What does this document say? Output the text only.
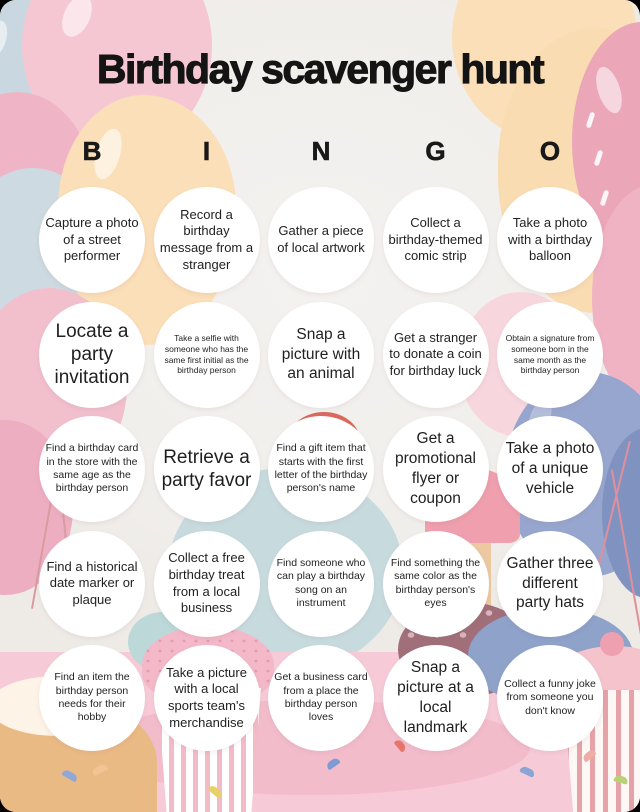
Birthday scavenger hunt
B	I	N	G	O
Capture a photo of a street performer
Record a birthday message from a stranger
Gather a piece of local artwork
Collect a birthday-themed comic strip
Take a photo with a birthday balloon
Locate a party invitation
Take a selfie with someone who has the same first initial as the birthday person
Snap a picture with an animal
Get a stranger to donate a coin for birthday luck
Obtain a signature from someone born in the same month as the birthday person
Find a birthday card in the store with the same age as the birthday person
Retrieve a party favor
Find a gift item that starts with the first letter of the birthday person's name
Get a promotional flyer or coupon
Take a photo of a unique vehicle
Find a historical date marker or plaque
Collect a free birthday treat from a local business
Find someone who can play a birthday song on an instrument
Find something the same color as the birthday person's eyes
Gather three different party hats
Find an item the birthday person needs for their hobby
Take a picture with a local sports team's merchandise
Get a business card from a place the birthday person loves
Snap a picture at a local landmark
Collect a funny joke from someone you don't know
